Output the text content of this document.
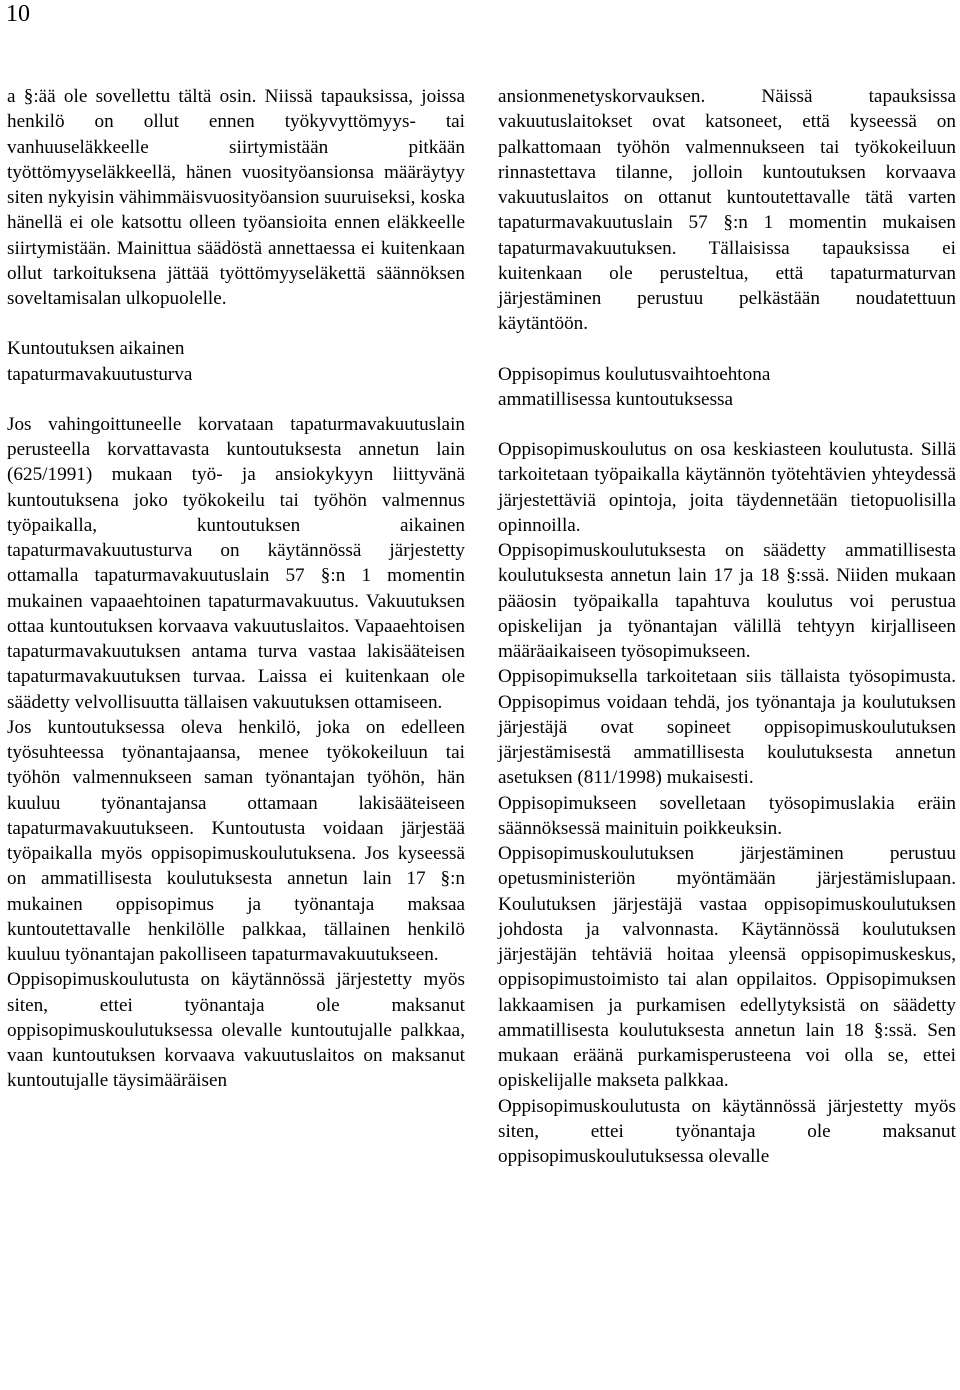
10

a §:ää ole sovellettu tältä osin. Niissä tapauksissa, joissa henkilö on ollut ennen työkyvyttömyys- tai vanhuuseläkkeelle siirtymistään pitkään työttömyyseläkkeellä, hänen vuosityöansionsa määräytyy siten nykyisin vähimmäisvuosityöansion suuruiseksi, koska hänellä ei ole katsottu olleen työansioita ennen eläkkeelle siirtymistään. Mainittua säädöstä annettaessa ei kuitenkaan ollut tarkoituksena jättää työttömyyseläkettä säännöksen soveltamisalan ulkopuolelle.

Kuntoutuksen aikainen tapaturmavakuutusturva

Jos vahingoittuneelle korvataan tapaturmavakuutuslain perusteella korvattavasta kuntoutuksesta annetun lain (625/1991) mukaan työ- ja ansiokykyyn liittyvänä kuntoutuksena joko työkokeilu tai työhön valmennus työpaikalla, kuntoutuksen aikainen tapaturmavakuutusturva on käytännössä järjestetty ottamalla tapaturmavakuutuslain 57 §:n 1 momentin mukainen vapaaehtoinen tapaturmavakuutus. Vakuutuksen ottaa kuntoutuksen korvaava vakuutuslaitos. Vapaaehtoisen tapaturmavakuutuksen antama turva vastaa lakisääteisen tapaturmavakuutuksen turvaa. Laissa ei kuitenkaan ole säädetty velvollisuutta tällaisen vakuutuksen ottamiseen.

Jos kuntoutuksessa oleva henkilö, joka on edelleen työsuhteessa työnantajaansa, menee työkokeiluun tai työhön valmennukseen saman työnantajan työhön, hän kuuluu työnantajansa ottamaan lakisääteiseen tapaturmavakuutukseen. Kuntoutusta voidaan järjestää työpaikalla myös oppisopimuskoulutuksena. Jos kyseessä on ammatillisesta koulutuksesta annetun lain 17 §:n mukainen oppisopimus ja työnantaja maksaa kuntoutettavalle henkilölle palkkaa, tällainen henkilö kuuluu työnantajan pakolliseen tapaturmavakuutukseen.

Oppisopimuskoulutusta on käytännössä järjestetty myös siten, ettei työnantaja ole maksanut oppisopimuskoulutuksessa olevalle kuntoutujalle palkkaa, vaan kuntoutuksen korvaava vakuutuslaitos on maksanut kuntoutujalle täysimääräisen

ansionmenetyskorvauksen. Näissä tapauksissa vakuutuslaitokset ovat katsoneet, että kyseessä on palkattomaan työhön valmennukseen tai työkokeiluun rinnastettava tilanne, jolloin kuntoutuksen korvaava vakuutuslaitos on ottanut kuntoutettavalle tätä varten tapaturmavakuutuslain 57 §:n 1 momentin mukaisen tapaturmavakuutuksen. Tällaisissa tapauksissa ei kuitenkaan ole perusteltua, että tapaturmaturvan järjestäminen perustuu pelkästään noudatettuun käytäntöön.

Oppisopimus koulutusvaihtoehtona ammatillisessa kuntoutuksessa

Oppisopimuskoulutus on osa keskiasteen koulutusta. Sillä tarkoitetaan työpaikalla käytännön työtehtävien yhteydessä järjestettäviä opintoja, joita täydennetään tietopuolisilla opinnoilla.

Oppisopimuskoulutuksesta on säädetty ammatillisesta koulutuksesta annetun lain 17 ja 18 §:ssä. Niiden mukaan pääosin työpaikalla tapahtuva koulutus voi perustua opiskelijan ja työnantajan välillä tehtyyn kirjalliseen määräaikaiseen työsopimukseen.

Oppisopimuksella tarkoitetaan siis tällaista työsopimusta. Oppisopimus voidaan tehdä, jos työnantaja ja koulutuksen järjestäjä ovat sopineet oppisopimuskoulutuksen järjestämisestä ammatillisesta koulutuksesta annetun asetuksen (811/1998) mukaisesti.

Oppisopimukseen sovelletaan työsopimuslakia eräin säännöksessä mainituin poikkeuksin.

Oppisopimuskoulutuksen järjestäminen perustuu opetusministeriön myöntämään järjestämislupaan. Koulutuksen järjestäjä vastaa oppisopimuskoulutuksen johdosta ja valvonnasta. Käytännössä koulutuksen järjestäjän tehtäviä hoitaa yleensä oppisopimuskeskus, oppisopimustoimisto tai alan oppilaitos. Oppisopimuksen lakkaamisen ja purkamisen edellytyksistä on säädetty ammatillisesta koulutuksesta annetun lain 18 §:ssä. Sen mukaan eräänä purkamisperusteena voi olla se, ettei opiskelijalle makseta palkkaa.

Oppisopimuskoulutusta on käytännössä järjestetty myös siten, ettei työnantaja ole maksanut oppisopimuskoulutuksessa olevalle
